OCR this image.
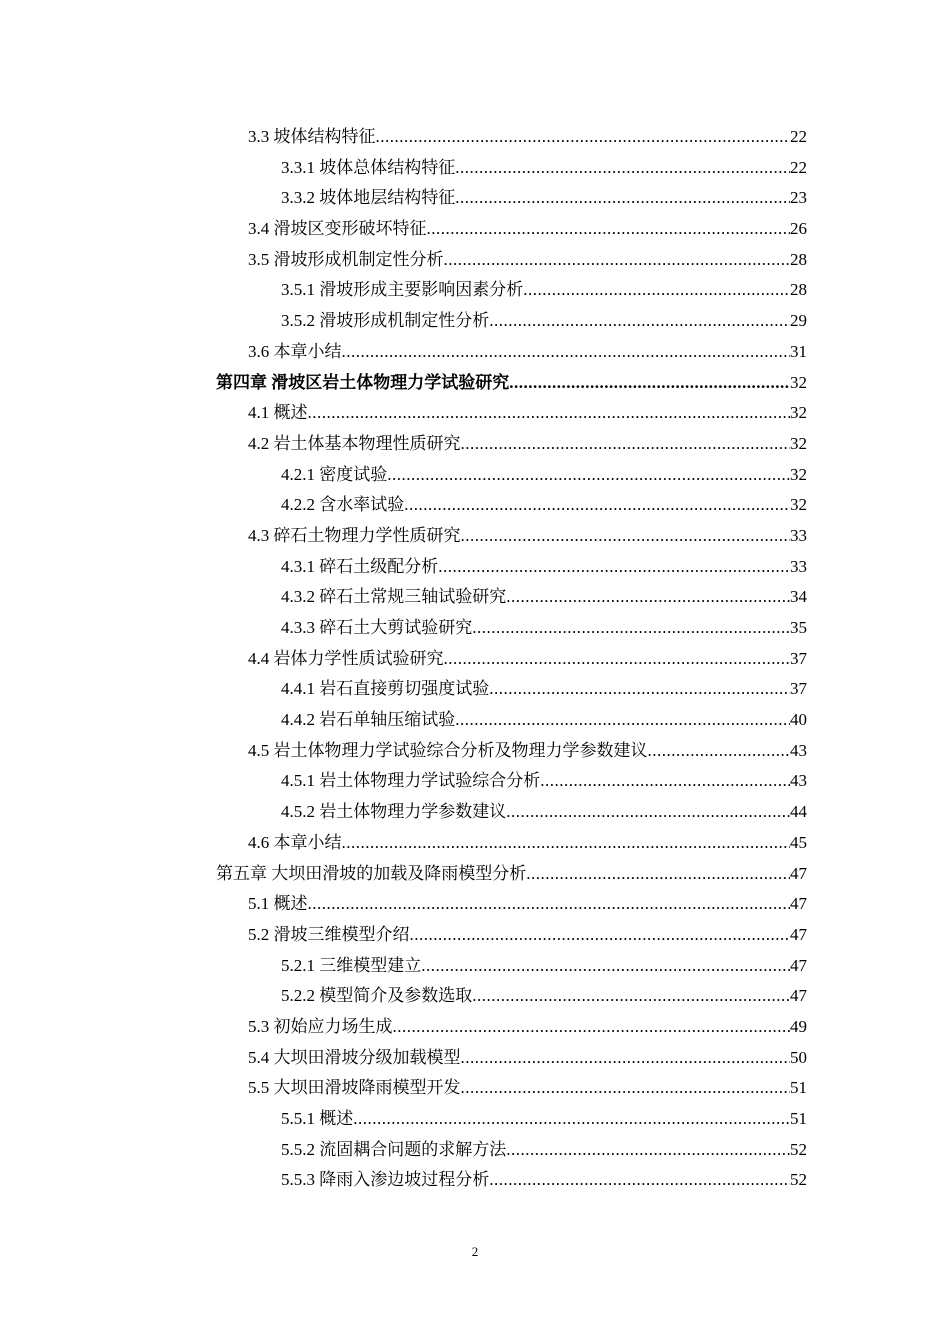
3.3 坡体结构特征 .....	22
3.3.1 坡体总体结构特征 .....	22
3.3.2 坡体地层结构特征 .....	23
3.4 滑坡区变形破坏特征 .....	26
3.5 滑坡形成机制定性分析 .....	28
3.5.1 滑坡形成主要影响因素分析 .....	28
3.5.2 滑坡形成机制定性分析 .....	29
3.6 本章小结 .....	31
第四章 滑坡区岩土体物理力学试验研究 .....	32
4.1 概述 .....	32
4.2 岩土体基本物理性质研究 .....	32
4.2.1 密度试验 .....	32
4.2.2 含水率试验 .....	32
4.3 碎石土物理力学性质研究 .....	33
4.3.1 碎石土级配分析 .....	33
4.3.2 碎石土常规三轴试验研究 .....	34
4.3.3 碎石土大剪试验研究 .....	35
4.4 岩体力学性质试验研究 .....	37
4.4.1 岩石直接剪切强度试验 .....	37
4.4.2 岩石单轴压缩试验 .....	40
4.5 岩土体物理力学试验综合分析及物理力学参数建议 .....	43
4.5.1 岩土体物理力学试验综合分析 .....	43
4.5.2 岩土体物理力学参数建议 .....	44
4.6 本章小结 .....	45
第五章 大坝田滑坡的加载及降雨模型分析 .....	47
5.1 概述 .....	47
5.2 滑坡三维模型介绍 .....	47
5.2.1 三维模型建立 .....	47
5.2.2 模型简介及参数选取 .....	47
5.3 初始应力场生成 .....	49
5.4 大坝田滑坡分级加载模型 .....	50
5.5 大坝田滑坡降雨模型开发 .....	51
5.5.1 概述 .....	51
5.5.2 流固耦合问题的求解方法 .....	52
5.5.3 降雨入渗边坡过程分析 .....	52
2
